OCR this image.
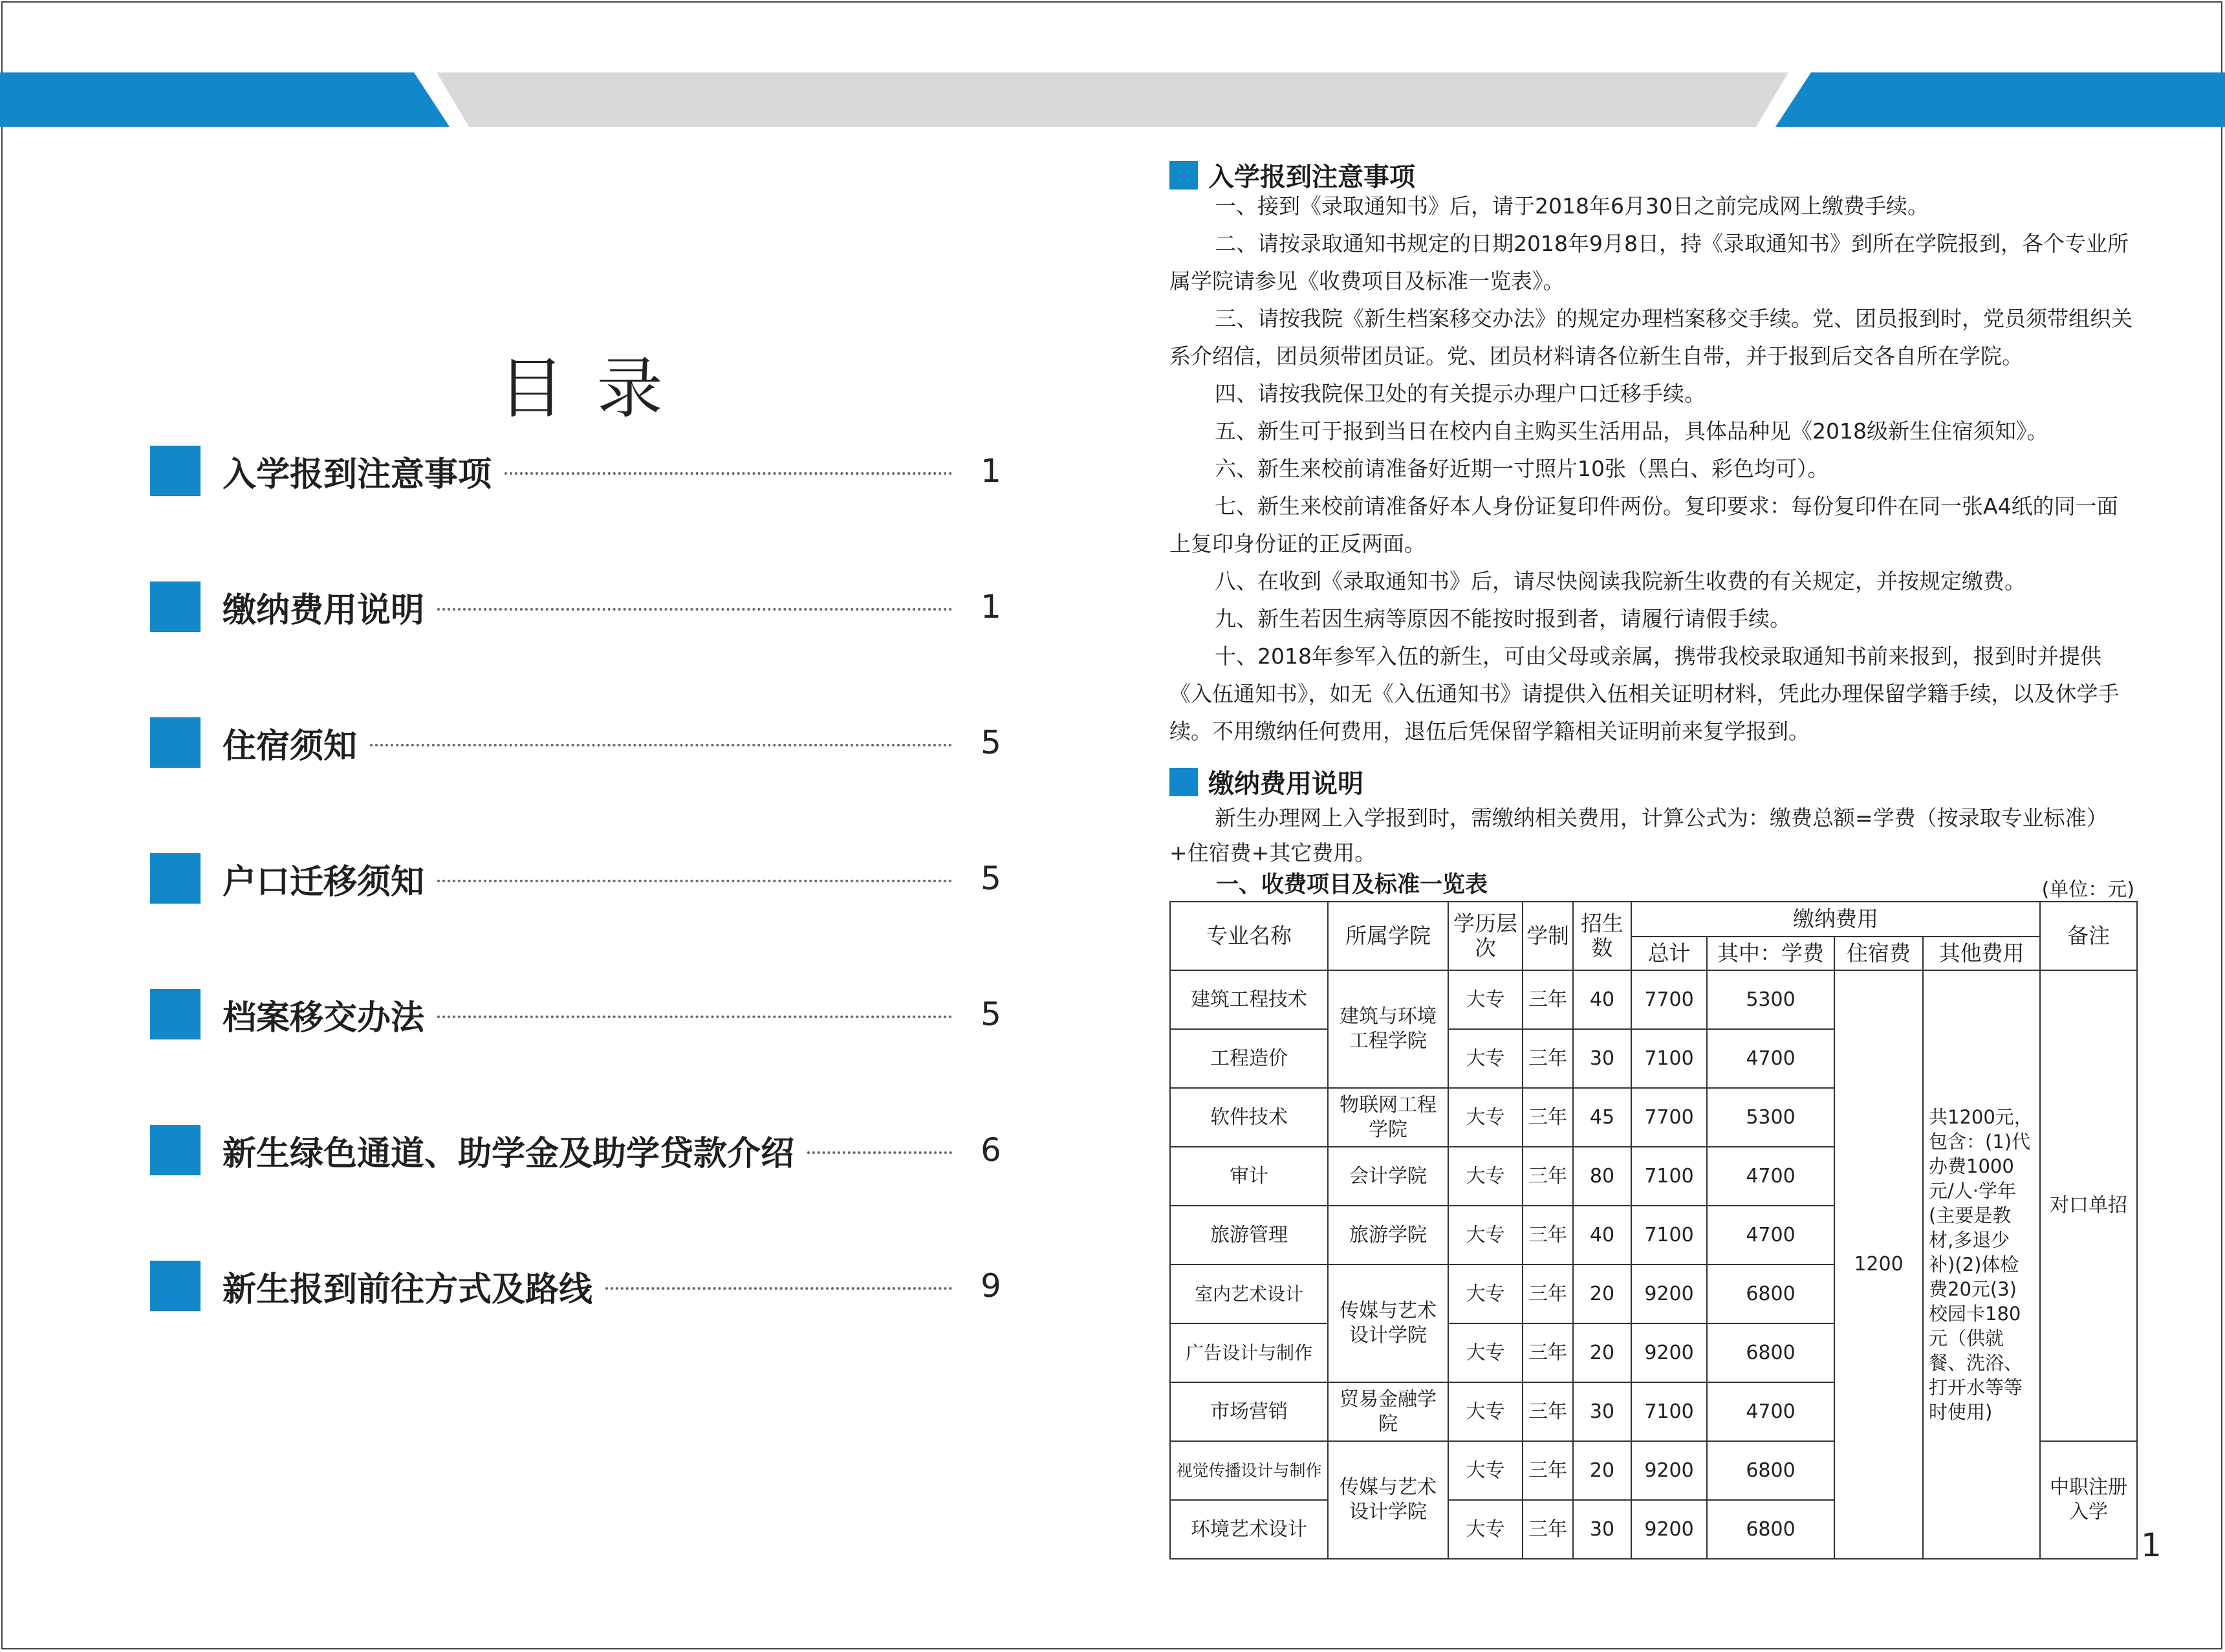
目录
入学报到注意事项	1
缴纳费用说明	1
住宿须知	5
户口迁移须知	5
档案移交办法	5
新生绿色通道、助学金及助学贷款介绍	6
新生报到前往方式及路线	9
入学报到注意事项

一、接到《录取通知书》后，请于2018年6月30日之前完成网上缴费手续。

二、请按录取通知书规定的日期2018年9月8日，持《录取通知书》到所在学院报到，各个专业所属学院请参见《收费项目及标准一览表》。

三、请按我院《新生档案移交办法》的规定办理档案移交手续。党、团员报到时，党员须带组织关系介绍信，团员须带团员证。党、团员材料请各位新生自带，并于报到后交各自所在学院。

四、请按我院保卫处的有关提示办理户口迁移手续。

五、新生可于报到当日在校内自主购买生活用品，具体品种见《2018级新生住宿须知》。

六、新生来校前请准备好近期一寸照片10张（黑白、彩色均可）。

七、新生来校前请准备好本人身份证复印件两份。复印要求：每份复印件在同一张A4纸的同一面上复印身份证的正反两面。

八、在收到《录取通知书》后，请尽快阅读我院新生收费的有关规定，并按规定缴费。

九、新生若因生病等原因不能按时报到者，请履行请假手续。

十、2018年参军入伍的新生，可由父母或亲属，携带我校录取通知书前来报到，报到时并提供《入伍通知书》，如无《入伍通知书》请提供入伍相关证明材料，凭此办理保留学籍手续，以及休学手续。不用缴纳任何费用，退伍后凭保留学籍相关证明前来复学报到。

缴纳费用说明

新生办理网上入学报到时，需缴纳相关费用，计算公式为：缴费总额=学费（按录取专业标准）+住宿费+其它费用。

一、收费项目及标准一览表	(单位：元)
专业名称	所属学院	学历层次	学制	招生数	缴纳费用				备注
					总计	其中：学费	住宿费	其他费用	
建筑工程技术	建筑与环境工程学院	大专	三年	40	7700	5300	1200	共1200元，包含：(1)代办费1000元/人·学年(主要是教材,多退少补)(2)体检费20元(3)校园卡180元（供就餐、洗浴、打开水等等时使用)	对口单招
工程造价		大专	三年	30	7100	4700			
软件技术	物联网工程学院	大专	三年	45	7700	5300			
审计	会计学院	大专	三年	80	7100	4700			
旅游管理	旅游学院	大专	三年	40	7100	4700			
室内艺术设计	传媒与艺术设计学院	大专	三年	20	9200	6800			
广告设计与制作		大专	三年	20	9200	6800			
市场营销	贸易金融学院	大专	三年	30	7100	4700			
视觉传播设计与制作	传媒与艺术设计学院	大专	三年	20	9200	6800			中职注册入学
环境艺术设计		大专	三年	30	9200	6800				1
